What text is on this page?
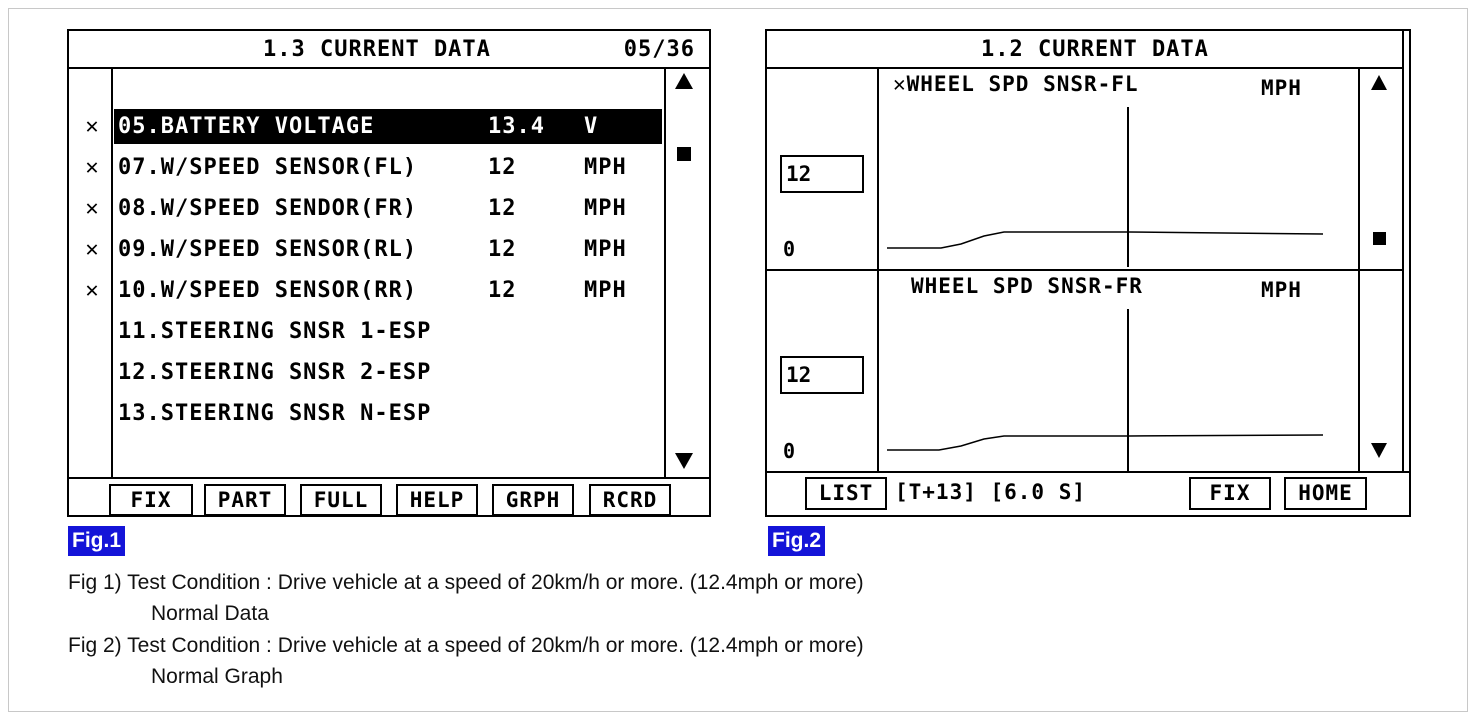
1.3 CURRENT DATA	05/36
✕ 05.BATTERY VOLTAGE	13.4 V
✕ 07.W/SPEED SENSOR(FL)	12	MPH
✕ 08.W/SPEED SENDOR(FR)	12	MPH
✕ 09.W/SPEED SENSOR(RL)	12	MPH
✕ 10.W/SPEED SENSOR(RR)	12	MPH
11.STEERING SNSR 1-ESP
12.STEERING SNSR 2-ESP
13.STEERING SNSR N-ESP
FIX	PART	FULL	HELP	GRPH	RCRD
Fig.1
1.2 CURRENT DATA
✕WHEEL SPD SNSR-FL	MPH
12
0
WHEEL SPD SNSR-FR	MPH
12
0
LIST	[T+13] [6.0 S]	FIX	HOME
Fig.2
Fig 1) Test Condition : Drive vehicle at a speed of 20km/h or more. (12.4mph or more)
Normal Data
Fig 2) Test Condition : Drive vehicle at a speed of 20km/h or more. (12.4mph or more)
Normal Graph
